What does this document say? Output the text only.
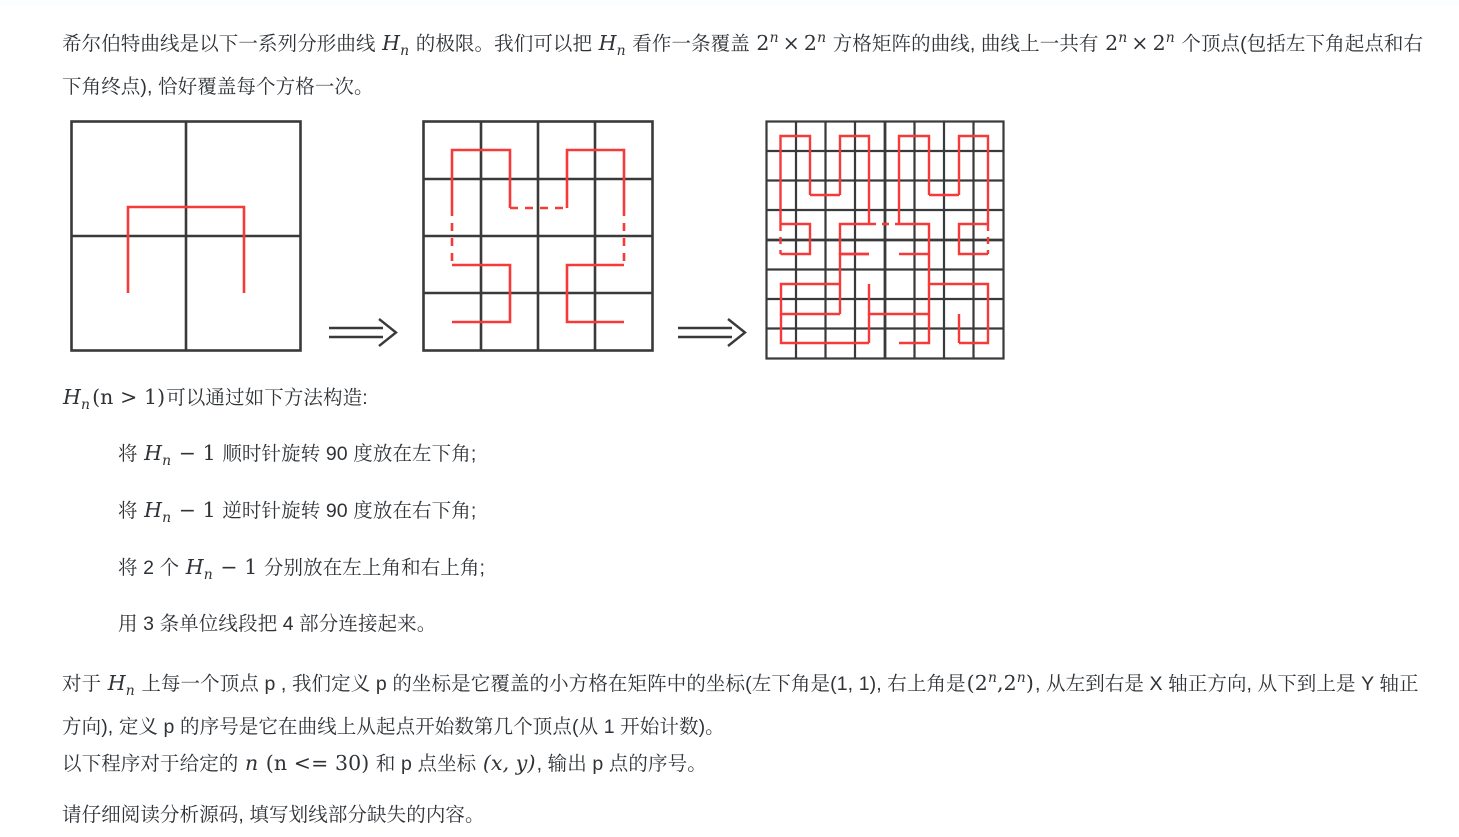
希尔伯特曲线是以下一系列分形曲线 $H_n$ 的极限。我们可以把 $H_n$ 看作一条覆盖 $2^n \times 2^n$ 方格矩阵的曲线, 曲线上一共有 $2^n \times 2^n$ 个顶点(包括左下角起点和右下角终点), 恰好覆盖每个方格一次。
$H_n(n > 1)$可以通过如下方法构造:
将 $H_n - 1$ 顺时针旋转 90 度放在左下角;
将 $H_n - 1$ 逆时针旋转 90 度放在右下角;
将 2 个 $H_n - 1$ 分别放在左上角和右上角;
用 3 条单位线段把 4 部分连接起来。
对于 $H_n$ 上每一个顶点 p , 我们定义 p 的坐标是它覆盖的小方格在矩阵中的坐标(左下角是(1, 1), 右上角是(2$^n$,2$^n$), 从左到右是 X 轴正方向, 从下到上是 Y 轴正方向), 定义 p 的序号是它在曲线上从起点开始数第几个顶点(从 1 开始计数)。
以下程序对于给定的 n (n <= 30) 和 p 点坐标 (x, y), 输出 p 点的序号。
请仔细阅读分析源码, 填写划线部分缺失的内容。
